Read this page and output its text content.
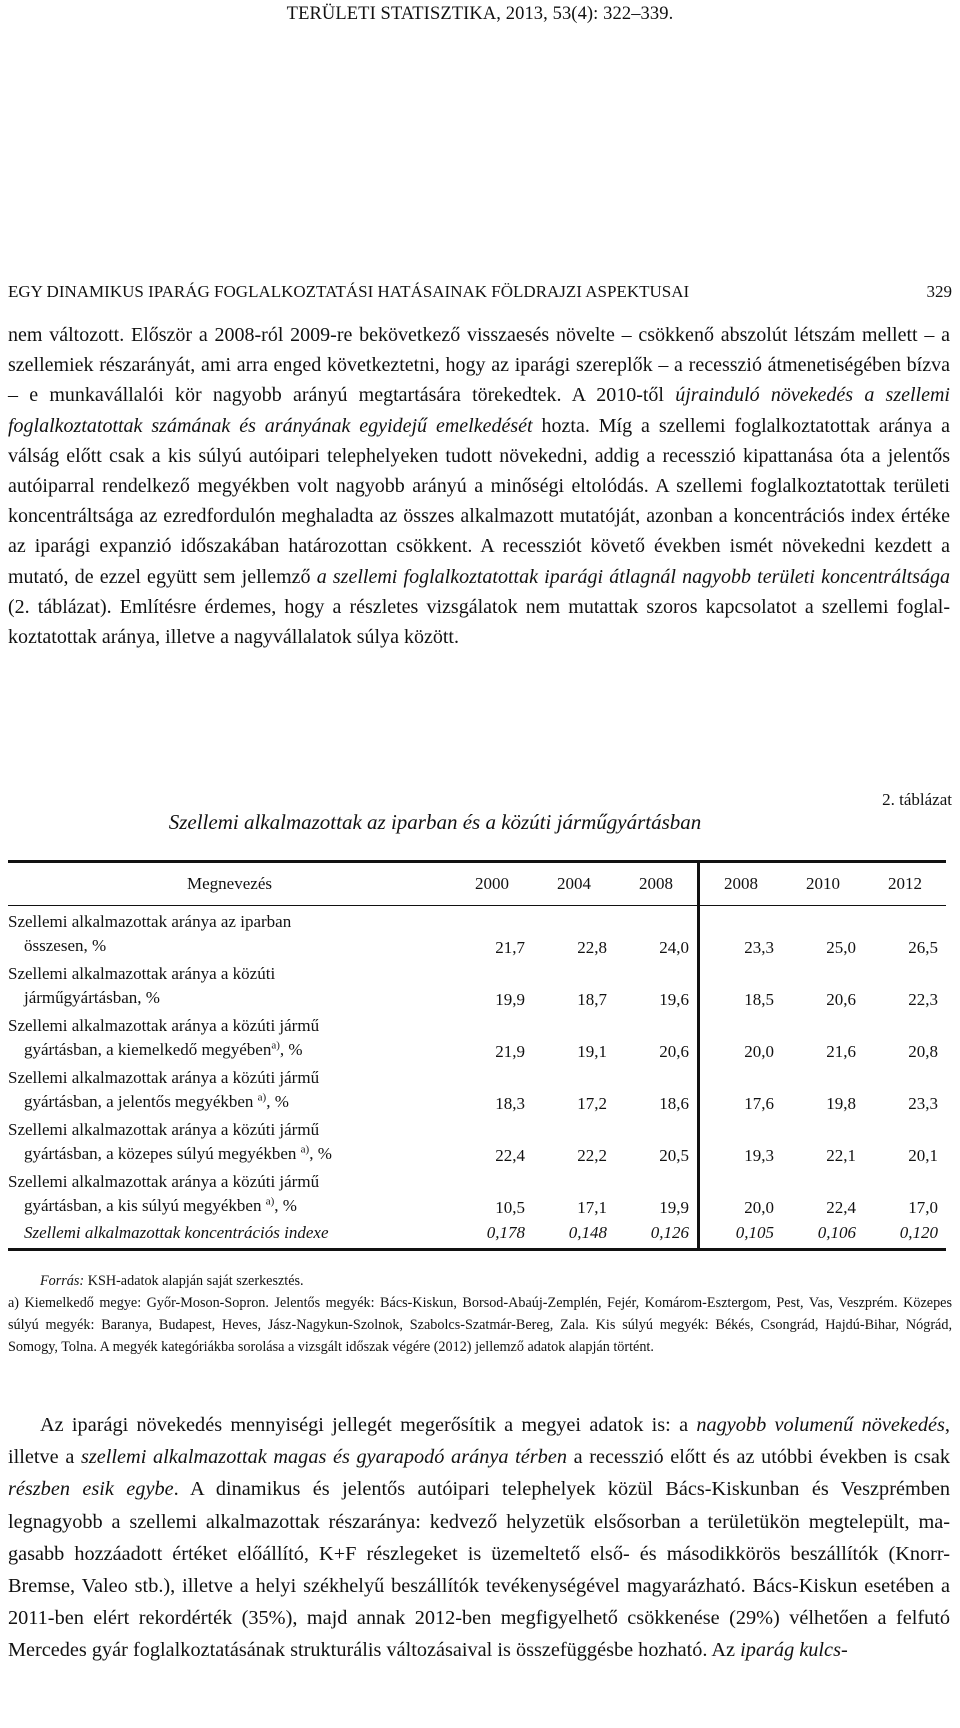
TERÜLETI STATISZTIKA, 2013, 53(4): 322–339.
EGY DINAMIKUS IPARÁG FOGLALKOZTATÁSI HATÁSAINAK FÖLDRAJZI ASPEKTUSAI	329
nem változott. Először a 2008-ról 2009-re bekövetkező visszaesés növelte – csökkenő abszolút létszám mellett – a szellemiek részarányát, ami arra enged következtetni, hogy az iparági szereplők – a recesszió átmenetiségében bízva – e munkavállalói kör nagyobb arányú megtartására törekedtek. A 2010-től újrainduló növekedés a szellemi foglalkoztatottak számának és arányának egyidejű emelkedését hozta. Míg a szellemi foglalkoztatottak aránya a válság előtt csak a kis súlyú autóipari telephelyeken tudott növekedni, addig a recesszió kipattanása óta a jelentős autóiparral rendelkező megyékben volt nagyobb arányú a minőségi eltolódás. A szellemi foglalkoztatottak területi koncentráltsága az ezredfordulón meghaladta az összes alkalmazott mutatóját, azonban a koncentrációs index értéke az iparági expanzió időszakában határozottan csökkent. A recessziót követő években ismét növekedni kezdett a mutató, de ezzel együtt sem jellemző a szellemi foglalkoztatottak iparági átlagnál nagyobb területi koncentráltsága (2. táblázat). Említésre érdemes, hogy a részletes vizsgálatok nem mutattak szoros kapcsolatot a szellemi foglalkoztatottak aránya, illetve a nagyvállalatok súlya között.
2. táblázat
Szellemi alkalmazottak az iparban és a közúti járműgyártásban
Megnevezés	2000	2004	2008	2008	2010	2012
Szellemi alkalmazottak aránya az iparban
összesen, %	21,7	22,8	24,0	23,3	25,0	26,5
Szellemi alkalmazottak aránya a közúti
járműgyártásban, %	19,9	18,7	19,6	18,5	20,6	22,3
Szellemi alkalmazottak aránya a közúti jármű
gyártásban, a kiemelkedő megyében$^{a)}$, %	21,9	19,1	20,6	20,0	21,6	20,8
Szellemi alkalmazottak aránya a közúti jármű
gyártásban, a jelentős megyékben $^{a)}$, %	18,3	17,2	18,6	17,6	19,8	23,3
Szellemi alkalmazottak aránya a közúti jármű
gyártásban, a közepes súlyú megyékben $^{a)}$, %	22,4	22,2	20,5	19,3	22,1	20,1
Szellemi alkalmazottak aránya a közúti jármű
gyártásban, a kis súlyú megyékben $^{a)}$, %	10,5	17,1	19,9	20,0	22,4	17,0
Szellemi alkalmazottak koncentrációs indexe	0,178	0,148	0,126	0,105	0,106	0,120
Forrás: KSH-adatok alapján saját szerkesztés.
a) Kiemelkedő megye: Győr-Moson-Sopron. Jelentős megyék: Bács-Kiskun, Borsod-Abaúj-Zemplén, Fejér, Komárom-Esztergom, Pest, Vas, Veszprém. Közepes súlyú megyék: Baranya, Budapest, Heves, Jász-Nagykun-Szolnok, Szabolcs-Szatmár-Bereg, Zala. Kis súlyú megyék: Békés, Csongrád, Hajdú-Bihar, Nógrád, Somogy, Tolna. A megyék kategóriákba sorolása a vizsgált időszak végére (2012) jellemző adatok alapján történt.
Az iparági növekedés mennyiségi jellegét megerősítik a megyei adatok is: a nagyobb volumenű növekedés, illetve a szellemi alkalmazottak magas és gyarapodó aránya térben a recesszió előtt és az utóbbi években is csak részben esik egybe. A dinamikus és jelentős autóipari telephelyek közül Bács-Kiskunban és Veszprémben legnagyobb a szellemi alkalmazottak részaránya: kedvező helyzetük elsősorban a területükön megtelepült, magasabb hozzáadott értéket előállító, K+F részlegeket is üzemeltető első- és másodikkörös beszállítók (Knorr-Bremse, Valeo stb.), illetve a helyi székhelyű beszállítók tevékenységével magyarázható. Bács-Kiskun esetében a 2011-ben elért rekordérték (35%), majd annak 2012-ben megfigyelhető csökkenése (29%) vélhetően a felfutó Mercedes gyár foglalkoztatásának strukturális változásaival is összefüggésbe hozható. Az iparág kulcs-
